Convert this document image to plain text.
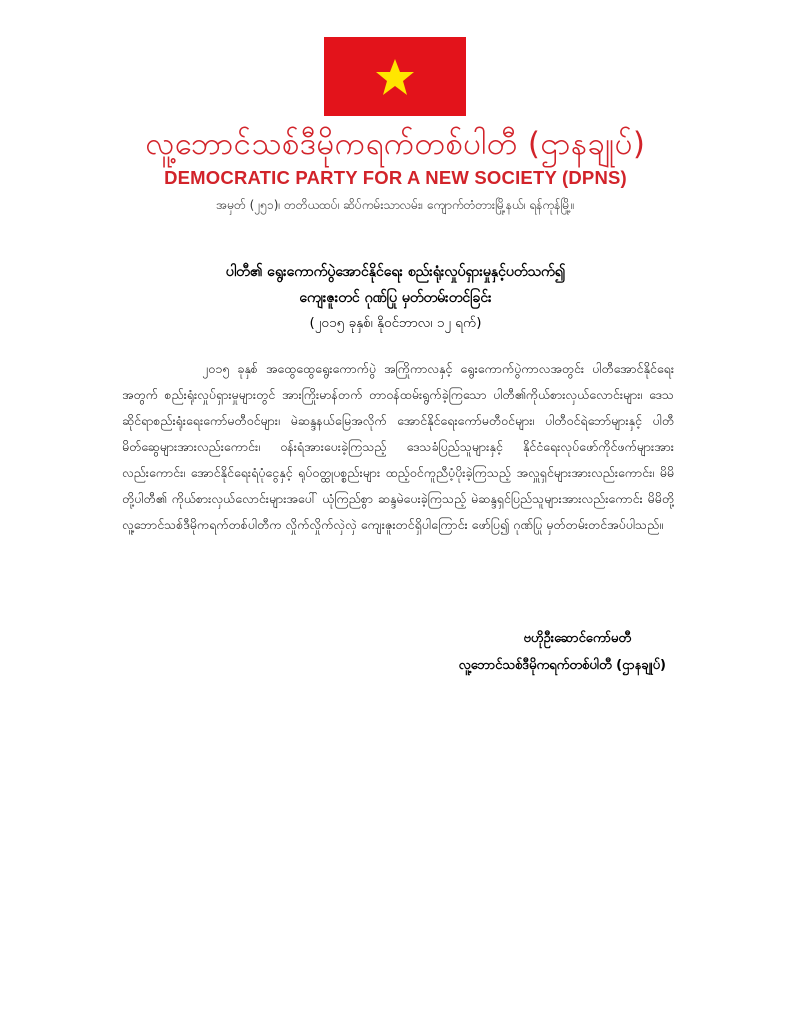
လူ့ဘောင်သစ်ဒီမိုကရက်တစ်ပါတီ (ဌာနချုပ်)
DEMOCRATIC PARTY FOR A NEW SOCIETY (DPNS)
အမှတ် (၂၅၁)၊ တတိယထပ်၊ ဆိပ်ကမ်းသာလမ်း၊ ကျောက်တံတားမြို့နယ်၊ ရန်ကုန်မြို့။
ပါတီ၏ ရွေးကောက်ပွဲအောင်နိုင်ရေး စည်းရုံးလှုပ်ရှားမှုနှင့်ပတ်သက်၍
ကျေးဇူးတင် ဂုဏ်ပြု မှတ်တမ်းတင်ခြင်း
(၂၀၁၅ ခုနှစ်၊ နိုဝင်ဘာလ၊ ၁၂ ရက်)
၂၀၁၅ ခုနှစ် အထွေထွေရွေးကောက်ပွဲ အကြိုကာလနှင့် ရွေးကောက်ပွဲကာလအတွင်း ပါတီအောင်နိုင်ရေးအတွက် စည်းရုံးလှုပ်ရှားမှုများတွင် အားကြိုးမာန်တက် တာဝန်ထမ်းရွက်ခဲ့ကြသော ပါတီ၏ကိုယ်စားလှယ်လောင်းများ၊ ဒေသဆိုင်ရာစည်းရုံးရေးကော်မတီဝင်များ၊ မဲဆန္ဒနယ်မြေအလိုက် အောင်နိုင်ရေးကော်မတီဝင်များ၊ ပါတီဝင်ရဲဘော်များနှင့် ပါတီမိတ်ဆွေများအားလည်းကောင်း၊ ဝန်းရံအားပေးခဲ့ကြသည့် ဒေသခံပြည်သူများနှင့် နိုင်ငံရေးလုပ်ဖော်ကိုင်ဖက်များအားလည်းကောင်း၊ အောင်နိုင်ရေးရံပုံငွေနှင့် ရုပ်ဝတ္ထုပစ္စည်းများ ထည့်ဝင်ကူညီပံ့ပိုးခဲ့ကြသည့် အလှူရှင်များအားလည်းကောင်း၊ မိမိတို့ပါတီ၏ ကိုယ်စားလှယ်လောင်းများအပေါ် ယုံကြည်စွာ ဆန္ဒမဲပေးခဲ့ကြသည့် မဲဆန္ဒရှင်ပြည်သူများအားလည်းကောင်း မိမိတို့ လူ့ဘောင်သစ်ဒီမိုကရက်တစ်ပါတီက လှိုက်လှိုက်လှဲလှဲ ကျေးဇူးတင်ရှိပါကြောင်း ဖော်ပြ၍ ဂုဏ်ပြု မှတ်တမ်းတင်အပ်ပါသည်။
ဗဟိုဦးဆောင်ကော်မတီ
လူ့ဘောင်သစ်ဒီမိုကရက်တစ်ပါတီ (ဌာနချုပ်)
